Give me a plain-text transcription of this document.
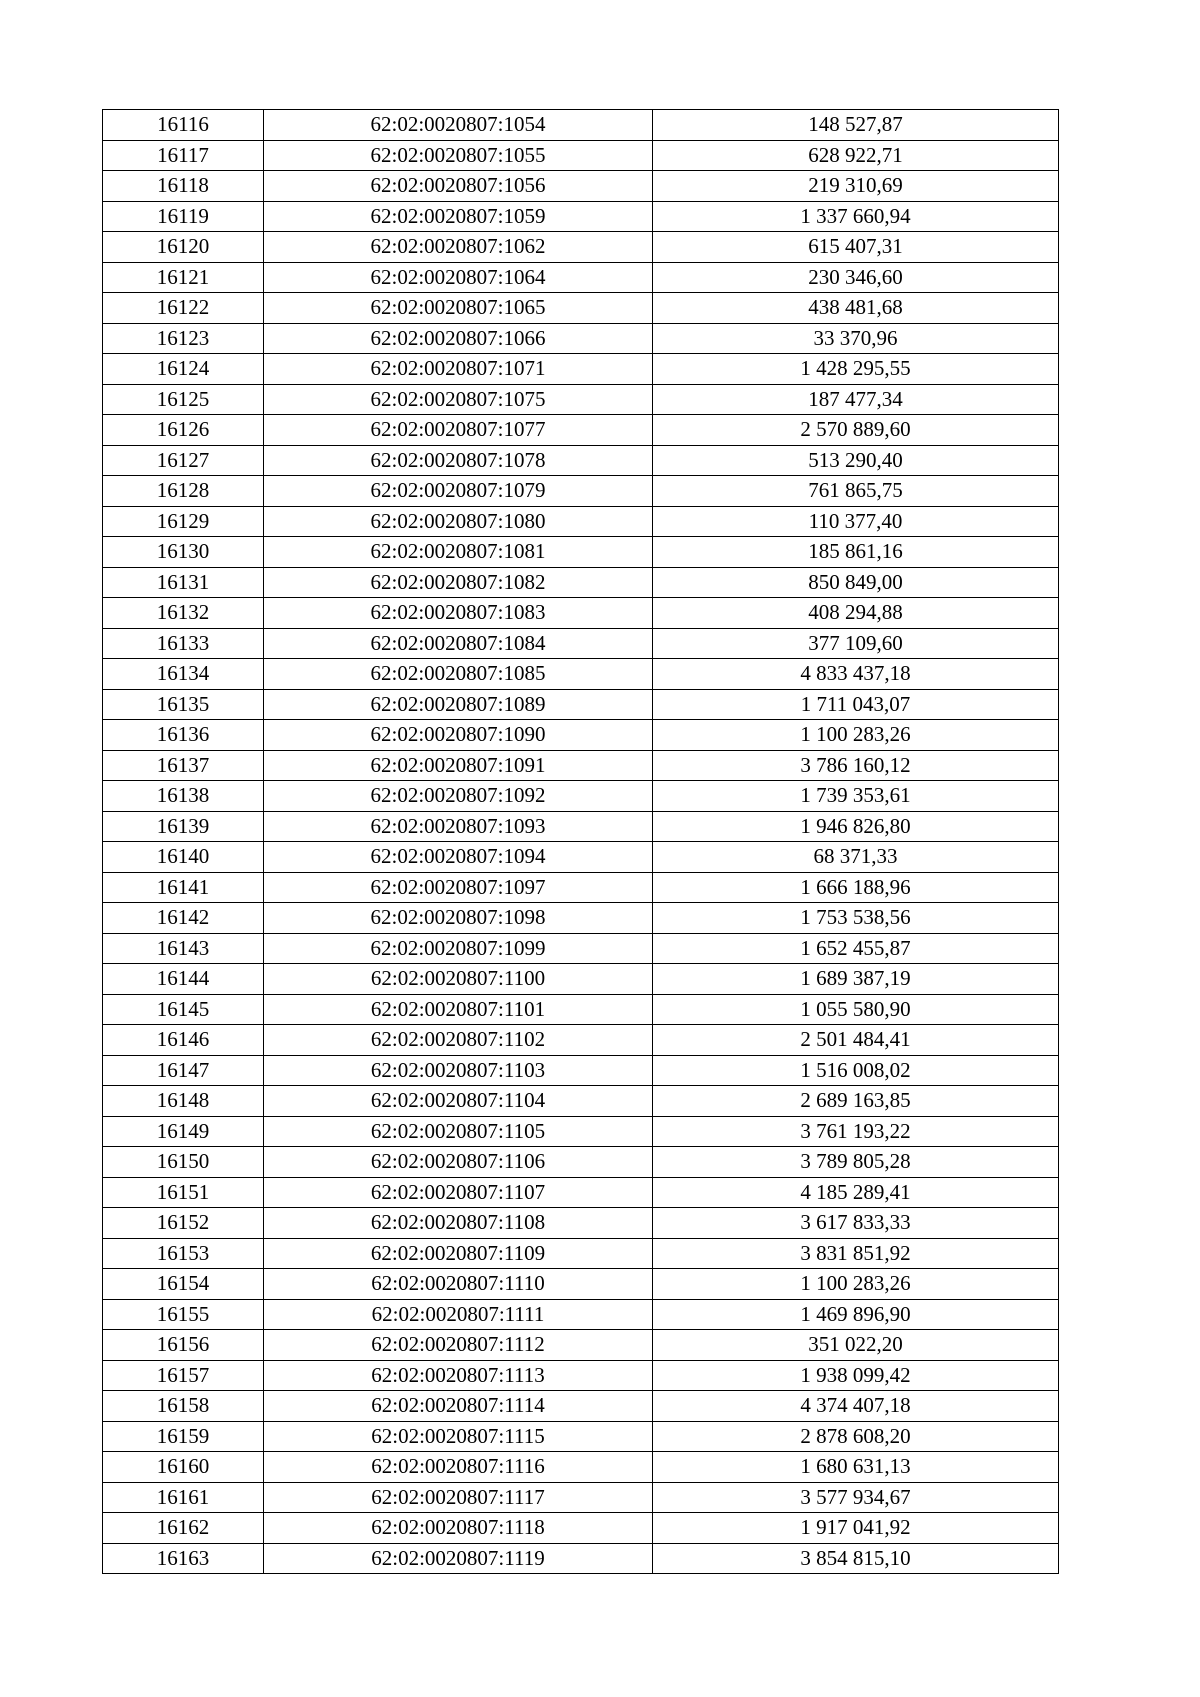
16116	62:02:0020807:1054	148 527,87
16117	62:02:0020807:1055	628 922,71
16118	62:02:0020807:1056	219 310,69
16119	62:02:0020807:1059	1 337 660,94
16120	62:02:0020807:1062	615 407,31
16121	62:02:0020807:1064	230 346,60
16122	62:02:0020807:1065	438 481,68
16123	62:02:0020807:1066	33 370,96
16124	62:02:0020807:1071	1 428 295,55
16125	62:02:0020807:1075	187 477,34
16126	62:02:0020807:1077	2 570 889,60
16127	62:02:0020807:1078	513 290,40
16128	62:02:0020807:1079	761 865,75
16129	62:02:0020807:1080	110 377,40
16130	62:02:0020807:1081	185 861,16
16131	62:02:0020807:1082	850 849,00
16132	62:02:0020807:1083	408 294,88
16133	62:02:0020807:1084	377 109,60
16134	62:02:0020807:1085	4 833 437,18
16135	62:02:0020807:1089	1 711 043,07
16136	62:02:0020807:1090	1 100 283,26
16137	62:02:0020807:1091	3 786 160,12
16138	62:02:0020807:1092	1 739 353,61
16139	62:02:0020807:1093	1 946 826,80
16140	62:02:0020807:1094	68 371,33
16141	62:02:0020807:1097	1 666 188,96
16142	62:02:0020807:1098	1 753 538,56
16143	62:02:0020807:1099	1 652 455,87
16144	62:02:0020807:1100	1 689 387,19
16145	62:02:0020807:1101	1 055 580,90
16146	62:02:0020807:1102	2 501 484,41
16147	62:02:0020807:1103	1 516 008,02
16148	62:02:0020807:1104	2 689 163,85
16149	62:02:0020807:1105	3 761 193,22
16150	62:02:0020807:1106	3 789 805,28
16151	62:02:0020807:1107	4 185 289,41
16152	62:02:0020807:1108	3 617 833,33
16153	62:02:0020807:1109	3 831 851,92
16154	62:02:0020807:1110	1 100 283,26
16155	62:02:0020807:1111	1 469 896,90
16156	62:02:0020807:1112	351 022,20
16157	62:02:0020807:1113	1 938 099,42
16158	62:02:0020807:1114	4 374 407,18
16159	62:02:0020807:1115	2 878 608,20
16160	62:02:0020807:1116	1 680 631,13
16161	62:02:0020807:1117	3 577 934,67
16162	62:02:0020807:1118	1 917 041,92
16163	62:02:0020807:1119	3 854 815,10
